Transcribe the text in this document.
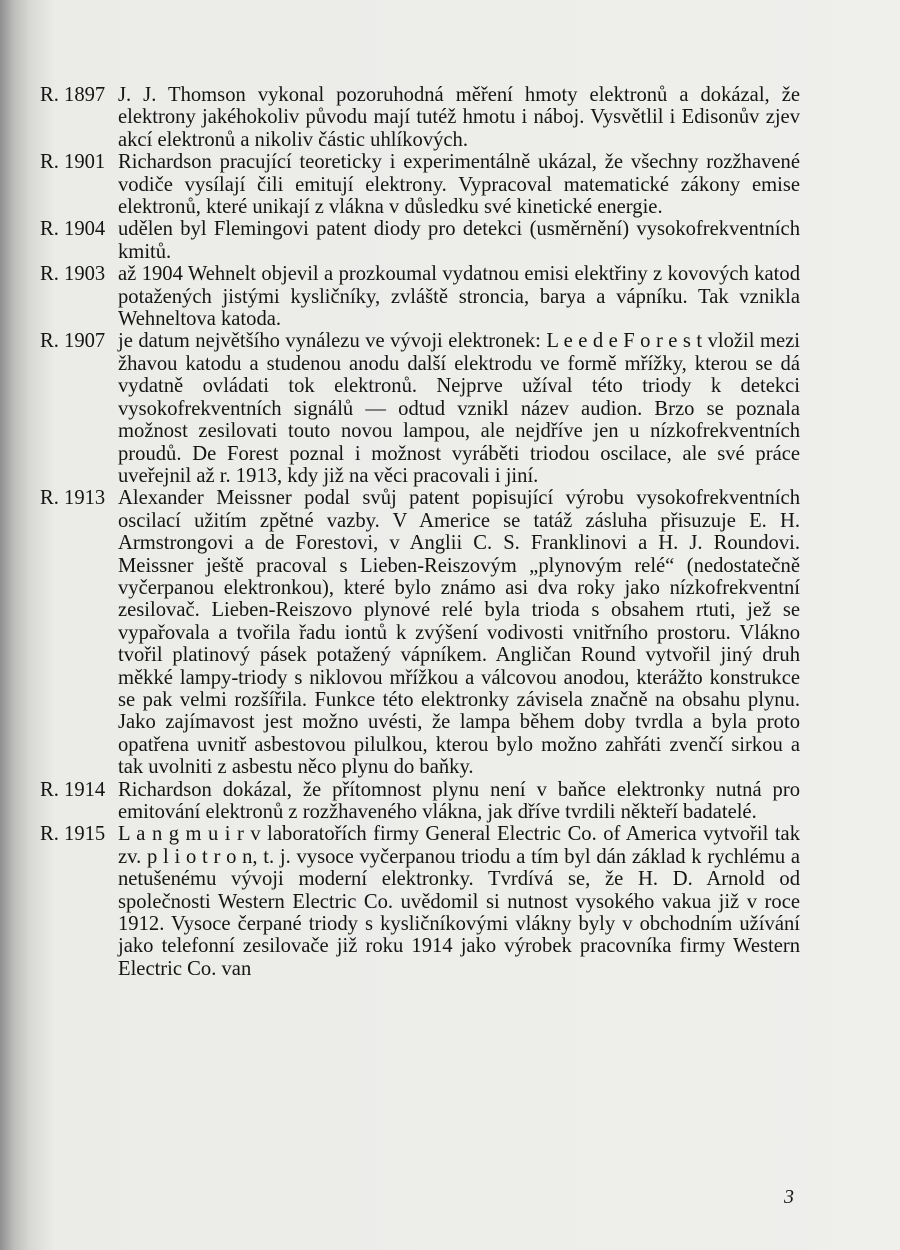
R. 1897 J. J. Thomson vykonal pozoruhodná měření hmoty elektronů a dokázal, že elektrony jakéhokoliv původu mají tutéž hmotu i náboj. Vysvětlil i Edisonův zjev akcí elektronů a nikoliv částic uhlíkových.
R. 1901 Richardson pracující teoreticky i experimentálně ukázal, že všechny rozžhavené vodiče vysílají čili emitují elektrony. Vypracoval matematické zákony emise elektronů, které unikají z vlákna v důsledku své kinetické energie.
R. 1904 udělen byl Flemingovi patent diody pro detekci (usměrnění) vysokofrekventních kmitů.
R. 1903 až 1904 Wehnelt objevil a prozkoumal vydatnou emisi elektřiny z kovových katod potažených jistými kysličníky, zvláště stroncia, barya a vápníku. Tak vznikla Wehneltova katoda.
R. 1907 je datum největšího vynálezu ve vývoji elektronek: L e e d e F o r e s t vložil mezi žhavou katodu a studenou anodu další elektrodu ve formě mřížky, kterou se dá vydatně ovládati tok elektronů. Nejprve užíval této triody k detekci vysokofrekventních signálů — odtud vznikl název audion. Brzo se poznala možnost zesilovati touto novou lampou, ale nejdříve jen u nízkofrekventních proudů. De Forest poznal i možnost vyráběti triodou oscilace, ale své práce uveřejnil až r. 1913, kdy již na věci pracovali i jiní.
R. 1913 Alexander Meissner podal svůj patent popisující výrobu vysokofrekventních oscilací užitím zpětné vazby. V Americe se tatáž zásluha přisuzuje E. H. Armstrongovi a de Forestovi, v Anglii C. S. Franklinovi a H. J. Roundovi. Meissner ještě pracoval s Lieben-Reiszovým „plynovým relé“ (nedostatečně vyčerpanou elektronkou), které bylo známo asi dva roky jako nízkofrekventní zesilovač. Lieben-Reiszovo plynové relé byla trioda s obsahem rtuti, jež se vypařovala a tvořila řadu iontů k zvýšení vodivosti vnitřního prostoru. Vlákno tvořil platinový pásek potažený vápníkem. Angličan Round vytvořil jiný druh měkké lampy-triody s niklovou mřížkou a válcovou anodou, kterážto konstrukce se pak velmi rozšířila. Funkce této elektronky závisela značně na obsahu plynu. Jako zajímavost jest možno uvésti, že lampa během doby tvrdla a byla proto opatřena uvnitř asbestovou pilulkou, kterou bylo možno zahřáti zvenčí sirkou a tak uvolniti z asbestu něco plynu do baňky.
R. 1914 Richardson dokázal, že přítomnost plynu není v baňce elektronky nutná pro emitování elektronů z rozžhaveného vlákna, jak dříve tvrdili někteří badatelé.
R. 1915 L a n g m u i r v laboratořích firmy General Electric Co. of America vytvořil tak zv. p l i o t r o n, t. j. vysoce vyčerpanou triodu a tím byl dán základ k rychlému a netušenému vývoji moderní elektronky. Tvrdívá se, že H. D. Arnold od společnosti Western Electric Co. uvědomil si nutnost vysokého vakua již v roce 1912. Vysoce čerpané triody s kysličníkovými vlákny byly v obchodním užívání jako telefonní zesilovače již roku 1914 jako výrobek pracovníka firmy Western Electric Co. van
3
